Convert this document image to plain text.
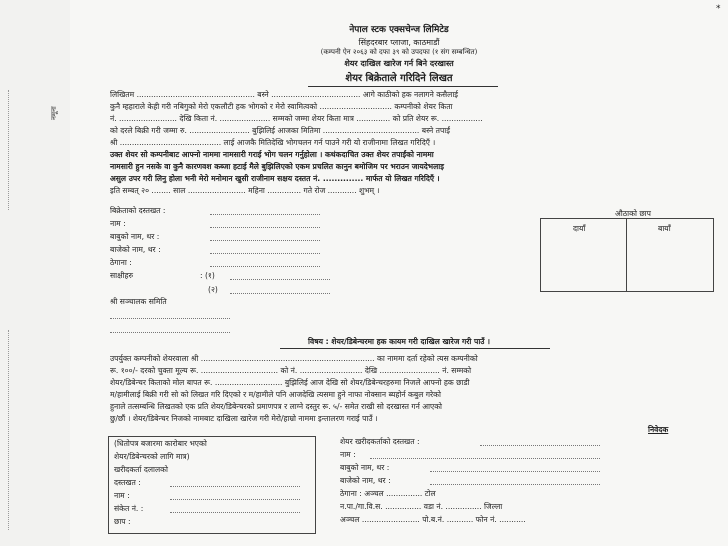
नेपाल स्टक एक्सचेन्ज लिमिटेड
सिंहदरबार प्लाजा, काठमाडौं
(कम्पनी ऐन २०६३ को दफा ३९ को उपदफा (१ संग सम्बन्धित)
शेयर दाखिल खारेज गर्न बिने दरखास्त
शेयर बिक्रेताले गरिदिने लिखत
लिखितम ................................................. बस्ने ..................................... आगे काठीको हक नलागने कसैलाई
कुनै म्हहाराले केही गरी नबिगुको मेरो एकलौटी हक भोगको र मेरो स्वामित्वको .............................. कम्पनीको शेयर किता
नं. ........................ देखि किता नं. ..................... सम्मको जम्मा शेयर किता मात्र .............. को प्रति शेयर रू. .................
को दरले बिक्री गरी जम्मा रु. ......................... बुझिलिई आजका मितिमा ........................................ बस्ने तपाईं
श्री .......................................... लाई आजकै मितिदेखि भोगचलन गर्न पाउने गरी यो राजीनामा लिखत गरिदिएँ ।
उक्त शेयर सो कम्पनीबाट आफ्नो नाममा नामसारी गराई भोग चलन गर्नुहोला । कथंकदाचित उक्त शेयर तपाईंको नाममा
नामसारी हुन नसके वा कुनै कारणवश कब्जा हटाई मैले बुझिलिएको एकम प्रचलित कानुन बमोजिम पर भराउन जायदेभलाइ
असुल उपर गरी लिनु होला भनी मेरो मनोमान खुसी राजीनाम सक्षय दस्तत नं. .............. मार्फत यो लिखत गरिदिएँ ।
इति सम्बत् २० ........ साल ........................ महिना .............. गते रोज ............ शुभम् ।
बिक्रेताको दस्तखत :
नाम :
बाबुको नाम, थर :
बाजेको नाम, थर :
ठेगाना :
साक्षीहरु	: (१)
(२)
श्री सञ्चालक समिति
औठाको छाप
दायाँ	बायाँ
विषय : शेयर/डिबेन्चरमा हक कायम गरी दाखिल खारेज गरी पाउँ ।
उपर्युक्त कम्पनीको शेयरवाला श्री ........................................................................ का नाममा दर्ता रहेको त्यस कम्पनीको
रू. १००/- दरको चुक्ता मूल्य रू. ................................ को नं. .......................... देखि ......................... नं. सम्मको
शेयर/डिबेन्चर किताको मोल बापत रू. ............................ बुझिलिई आज देखि सो शेयर/डिबेन्चरहरुमा निजले आफ्नो हक छाडी
म/हामीलाई बिक्री गरी सो को लिखत गरि दिएको र म/हामीले पनि आजदेखि त्यसमा हुने नाफा नोक्सान ब्यहोर्न कबुल गरेको
हुनाले तत्सम्बन्धि लिखतको एक प्रति शेयर/डिबेन्चरको प्रमाणपत्र र लाग्ने दस्तुर रू. ५/- समेत राखी सो दरखास्त गर्न आएको
छु/छौं । शेयर/डिबेन्चर निजको नामबाट दाखिला खारेज गरी मेरो/हाम्रो नाममा इन्तालरण गराई पाउँ ।
निवेदक
(धितोपत्र बजारमा कारोबार भएको
शेयर/डिबेन्चरको लागि मात्र)
खरीदकर्ता दलालको
दस्तखत :
नाम :
संकेत नं. :
छाप :
शेयर खरीदकर्ताको दस्तखत :
नाम :
बाबुको नाम, थर :
बाजेको नाम, थर :
ठेगाना : अञ्चल ............... टोल
न.पा./गा.वि.स. ............... वडा नं. ............... जिल्ला
अञ्चल ........................ पो.ब.नं. ........... फोन नं. ...........
नमूना
*
